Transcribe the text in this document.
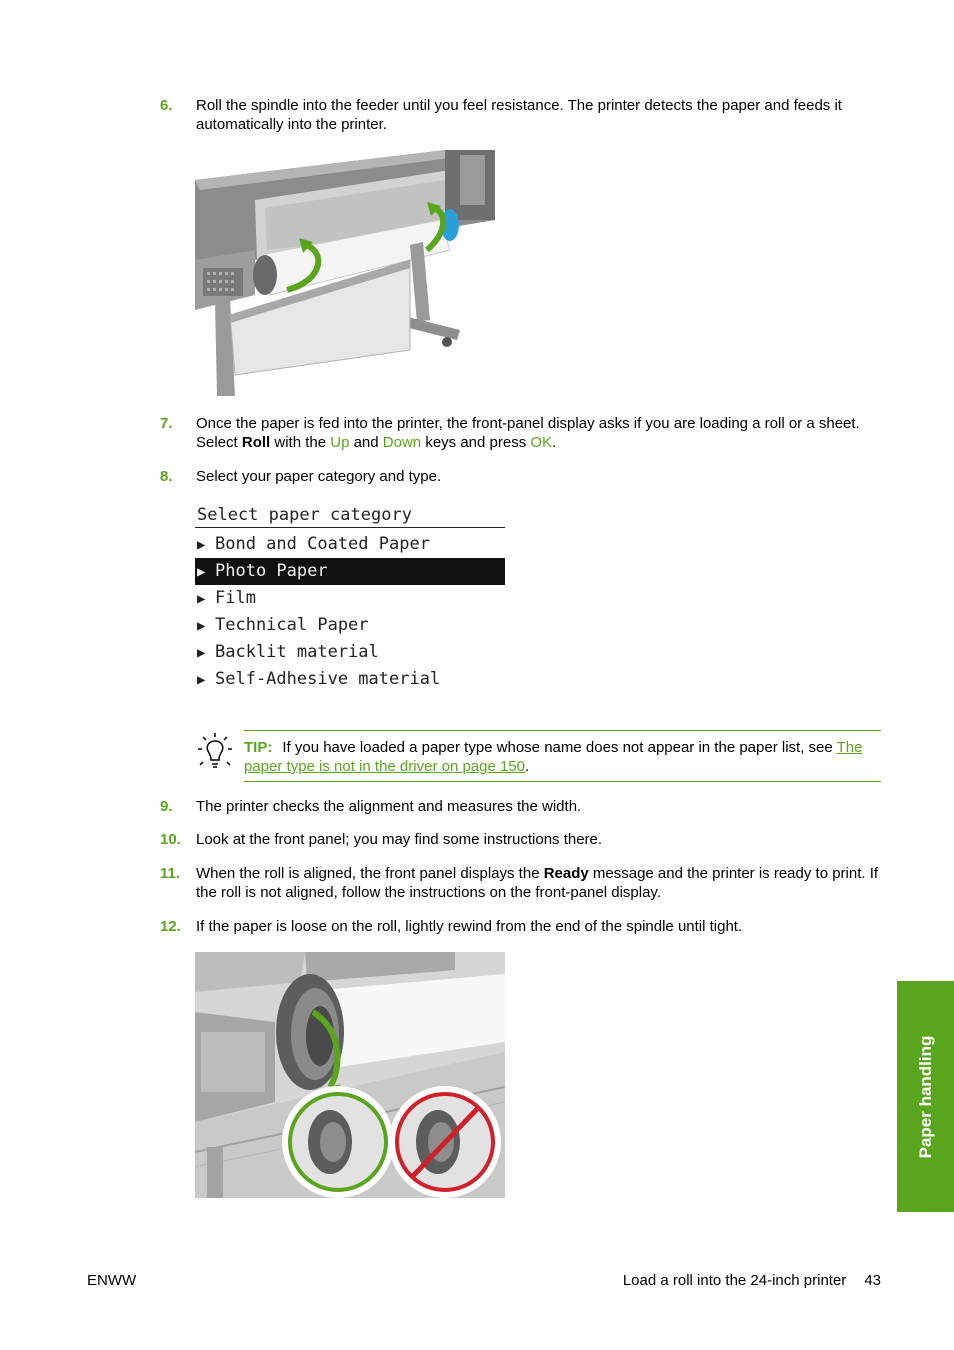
6. Roll the spindle into the feeder until you feel resistance. The printer detects the paper and feeds it automatically into the printer.
7. Once the paper is fed into the printer, the front-panel display asks if you are loading a roll or a sheet. Select Roll with the Up and Down keys and press OK.
8. Select your paper category and type.
Select paper category
▶ Bond and Coated Paper
▶ Photo Paper
▶ Film
▶ Technical Paper
▶ Backlit material
▶ Self-Adhesive material
TIP: If you have loaded a paper type whose name does not appear in the paper list, see The paper type is not in the driver on page 150.
9. The printer checks the alignment and measures the width.
10. Look at the front panel; you may find some instructions there.
11. When the roll is aligned, the front panel displays the Ready message and the printer is ready to print. If the roll is not aligned, follow the instructions on the front-panel display.
12. If the paper is loose on the roll, lightly rewind from the end of the spindle until tight.
Paper handling
ENWW	Load a roll into the 24-inch printer 43
